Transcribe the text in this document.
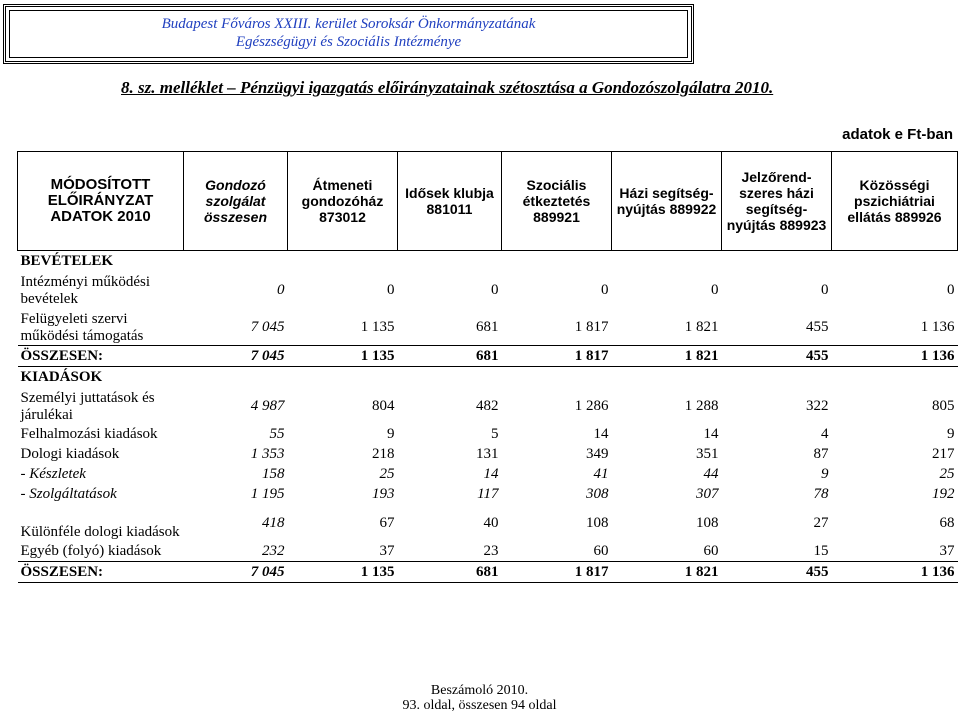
Budapest Főváros XXIII. kerület Soroksár Önkormányzatának
Egészségügyi és Szociális Intézménye
8. sz. melléklet – Pénzügyi igazgatás előirányzatainak szétosztása a Gondozószolgálatra 2010.
adatok e Ft-ban
MÓDOSÍTOTT ELŐIRÁNYZAT ADATOK 2010	Gondozó szolgálat összesen	Átmeneti gondozóház 873012	Idősek klubja 881011	Szociális étkeztetés 889921	Házi segítség-nyújtás 889922	Jelzőrend-szeres házi segítség-nyújtás 889923	Közösségi pszichiátriai ellátás 889926
BEVÉTELEK							
Intézményi működési bevételek	0	0	0	0	0	0	0
Felügyeleti szervi működési támogatás	7 045	1 135	681	1 817	1 821	455	1 136
ÖSSZESEN:	7 045	1 135	681	1 817	1 821	455	1 136
KIADÁSOK							
Személyi juttatások és járulékai	4 987	804	482	1 286	1 288	322	805
Felhalmozási kiadások	55	9	5	14	14	4	9
Dologi kiadások	1 353	218	131	349	351	87	217
- Készletek	158	25	14	41	44	9	25
- Szolgáltatások	1 195	193	117	308	307	78	192
Különféle dologi kiadások	418	67	40	108	108	27	68
Egyéb (folyó) kiadások	232	37	23	60	60	15	37
ÖSSZESEN:	7 045	1 135	681	1 817	1 821	455	1 136
Beszámoló 2010.
93. oldal, összesen 94 oldal
